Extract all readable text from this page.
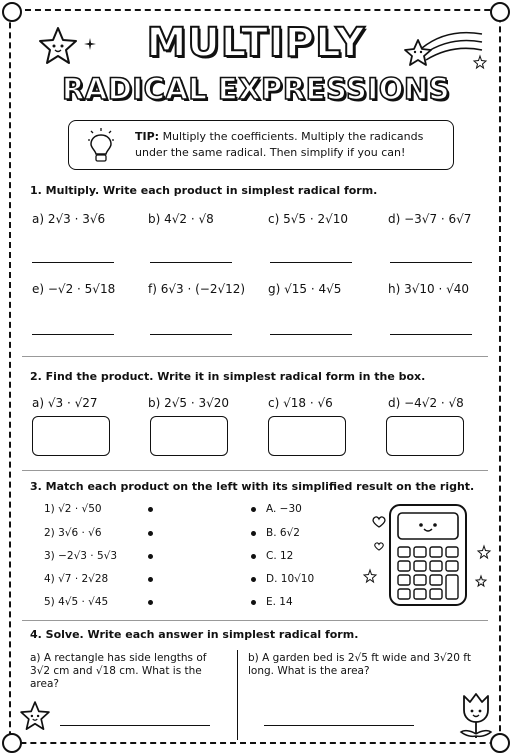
MULTIPLY
RADICAL EXPRESSIONS
TIP: Multiply the coefficients. Multiply the radicands under the same radical. Then simplify if you can!
1. Multiply. Write each product in simplest radical form.
a) 2√3 · 3√6	b) 4√2 · √8	c) 5√5 · 2√10	d) −3√7 · 6√7
e) −√2 · 5√18	f) 6√3 · (−2√12) g) √15 · 4√5	h) 3√10 · √40
2. Find the product. Write it in simplest radical form in the box.
a) √3 · √27	b) 2√5 · 3√20	c) √18 · √6	d) −4√2 · √8
3. Match each product on the left with its simplified result on the right.
1) √2 · √50
2) 3√6 · √6
3) −2√3 · 5√3
4) √7 · 2√28
5) 4√5 · √45
A. −30
B. 6√2
C. 12
D. 10√10
E. 14
4. Solve. Write each answer in simplest radical form.
a) A rectangle has side lengths of 3√2 cm and √18 cm. What is the area?
b) A garden bed is 2√5 ft wide and 3√20 ft long. What is the area?
